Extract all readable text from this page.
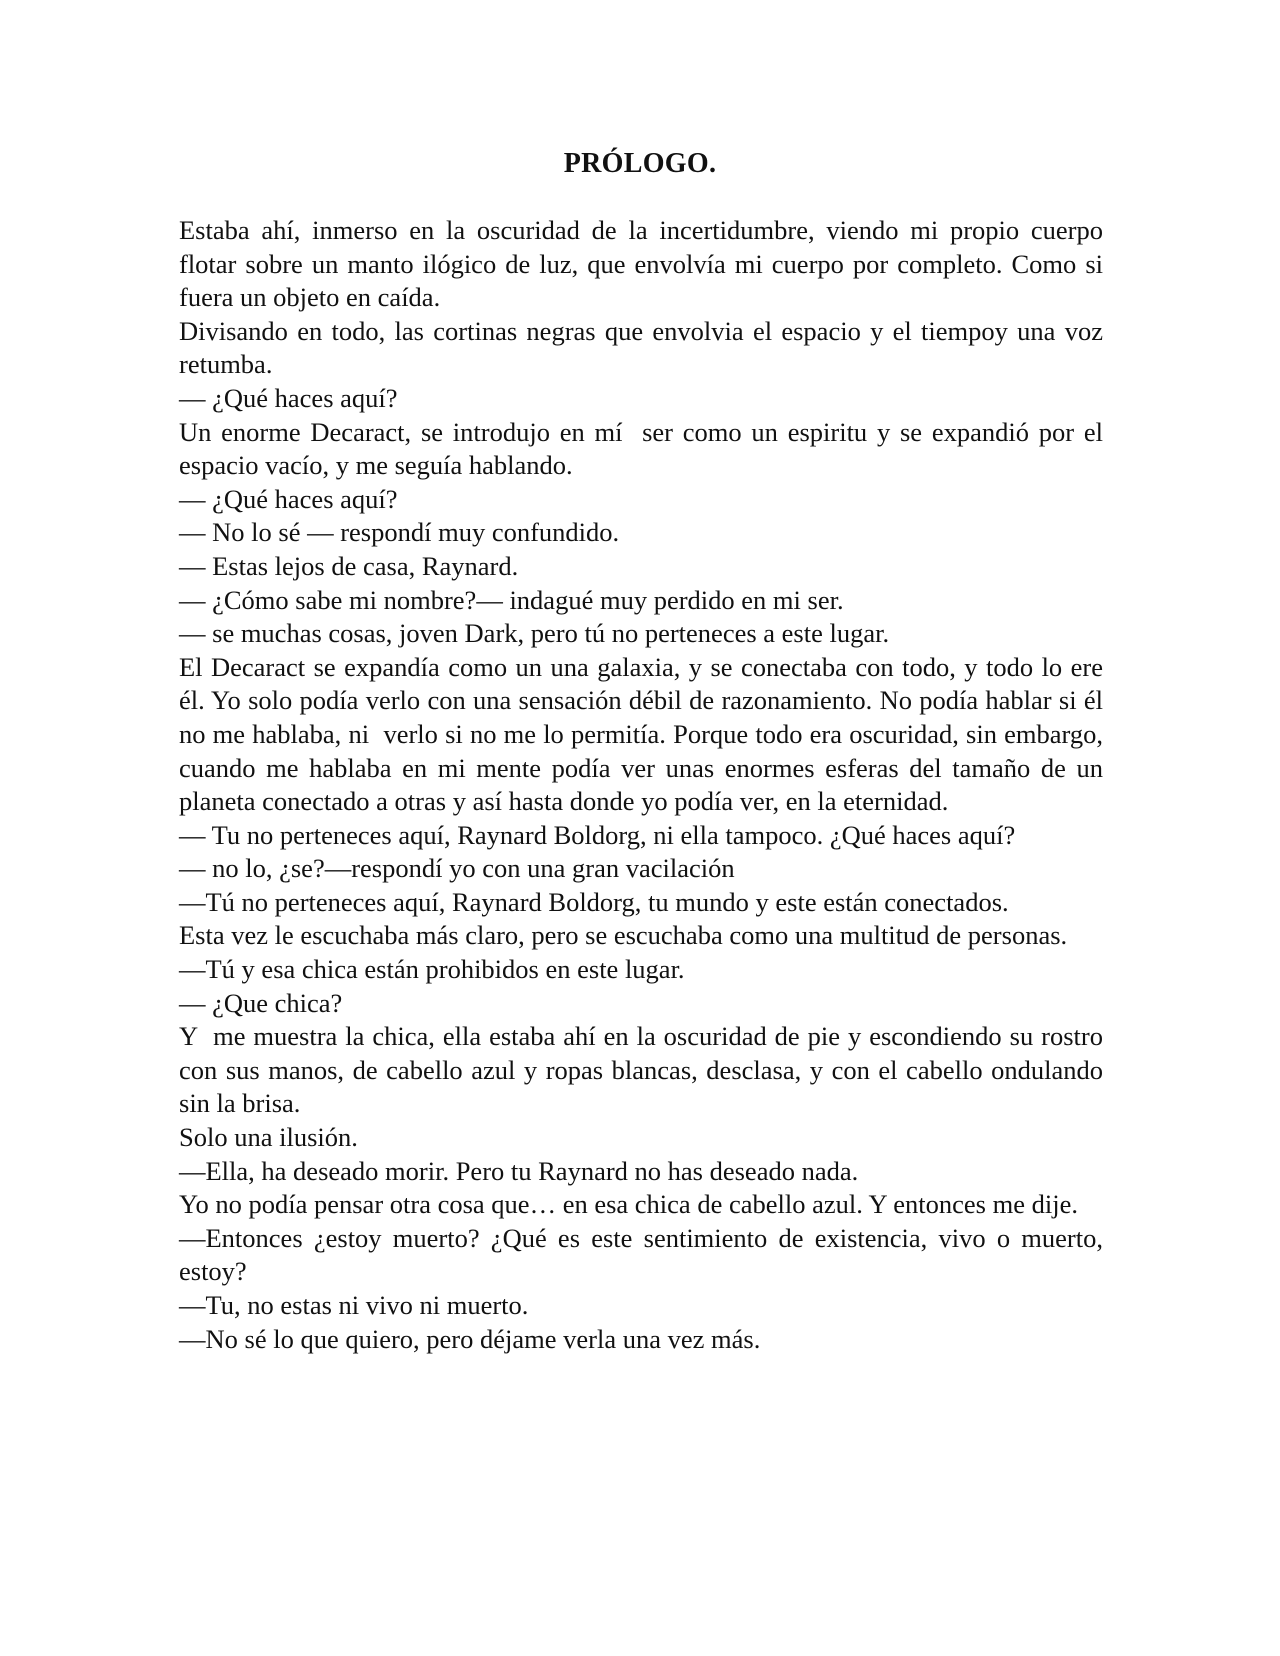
PRÓLOGO.

Estaba ahí, inmerso en la oscuridad de la incertidumbre, viendo mi propio cuerpo flotar sobre un manto ilógico de luz, que envolvía mi cuerpo por completo. Como si fuera un objeto en caída.

Divisando en todo, las cortinas negras que envolvia el espacio y el tiempoy una voz retumba.

— ¿Qué haces aquí?

Un enorme Decaract, se introdujo en mí  ser como un espiritu y se expandió por el espacio vacío, y me seguía hablando.

— ¿Qué haces aquí?

— No lo sé — respondí muy confundido.

— Estas lejos de casa, Raynard.

— ¿Cómo sabe mi nombre?— indagué muy perdido en mi ser.

— se muchas cosas, joven Dark, pero tú no perteneces a este lugar.

El Decaract se expandía como un una galaxia, y se conectaba con todo, y todo lo ere él. Yo solo podía verlo con una sensación débil de razonamiento. No podía hablar si él no me hablaba, ni  verlo si no me lo permitía. Porque todo era oscuridad, sin embargo, cuando me hablaba en mi mente podía ver unas enormes esferas del tamaño de un planeta conectado a otras y así hasta donde yo podía ver, en la eternidad.

— Tu no perteneces aquí, Raynard Boldorg, ni ella tampoco. ¿Qué haces aquí?

— no lo, ¿se?—respondí yo con una gran vacilación

—Tú no perteneces aquí, Raynard Boldorg, tu mundo y este están conectados.

Esta vez le escuchaba más claro, pero se escuchaba como una multitud de personas.

—Tú y esa chica están prohibidos en este lugar.

— ¿Que chica?

Y  me muestra la chica, ella estaba ahí en la oscuridad de pie y escondiendo su rostro con sus manos, de cabello azul y ropas blancas, desclasa, y con el cabello ondulando sin la brisa.

Solo una ilusión.

—Ella, ha deseado morir. Pero tu Raynard no has deseado nada.

Yo no podía pensar otra cosa que… en esa chica de cabello azul. Y entonces me dije.

—Entonces ¿estoy muerto? ¿Qué es este sentimiento de existencia, vivo o muerto, estoy?

—Tu, no estas ni vivo ni muerto.

—No sé lo que quiero, pero déjame verla una vez más.
